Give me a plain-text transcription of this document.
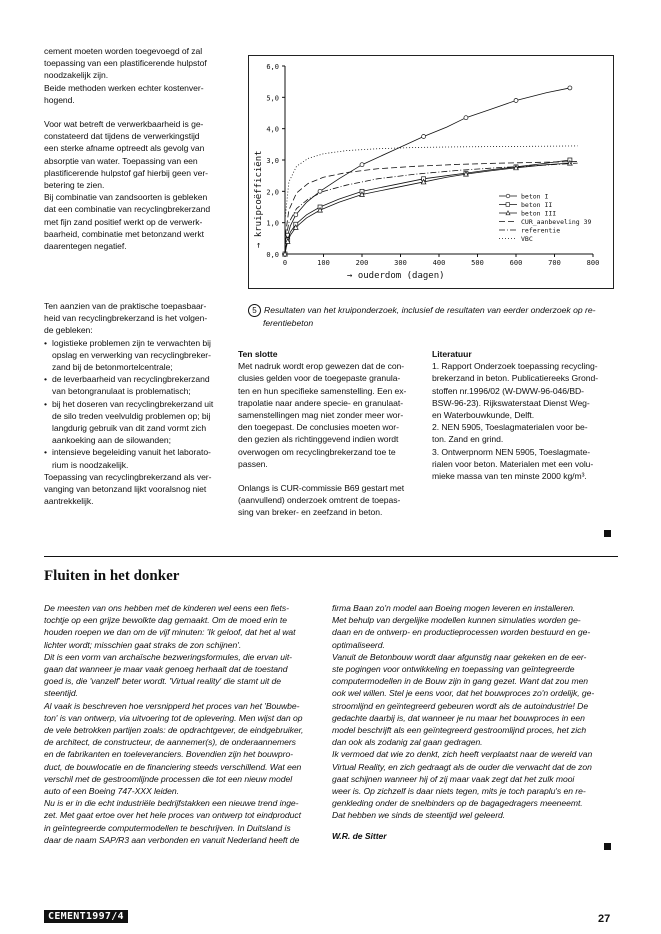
cement moeten worden toegevoegd of zal

toepassing van een plastificerende hulpstof

noodzakelijk zijn.

Beide methoden werken echter kostenver-

hogend.

Voor wat betreft de verwerkbaarheid is ge-

constateerd dat tijdens de verwerkingstijd

een sterke afname optreedt als gevolg van

absorptie van water. Toepassing van een

plastificerende hulpstof gaf hierbij geen ver-

betering te zien.

Bij combinatie van zandsoorten is gebleken

dat een combinatie van recyclingbrekerzand

met fijn zand positief werkt op de verwerk-

baarheid, combinatie met betonzand werkt

daarentegen negatief.

0,0
1,0
2,0
3,0
4,0
5,0
6,0
0	100	200	300	400	500	600	700	800
→ ouderdom (dagen)
→ kruipcoëfficiënt	beton I
beton II
beton III
CUR_aanbeveling 39
referentie
VBC
5 Resultaten van het kruiponderzoek, inclusief de resultaten van eerder onderzoek op re-
ferentiebeton

Ten aanzien van de praktische toepasbaar-

heid van recyclingbrekerzand is het volgen-

de gebleken:

• logistieke problemen zijn te verwachten bij
opslag en verwerking van recyclingbreker-
zand bij de betonmortelcentrale;
• de leverbaarheid van recyclingbrekerzand
van betongranulaat is problematisch;
• bij het doseren van recyclingbrekerzand uit
de silo treden veelvuldig problemen op; bij
langdurig gebruik van dit zand vormt zich
aankoeking aan de silowanden;
• intensieve begeleiding vanuit het laborato-
rium is noodzakelijk.

Toepassing van recyclingbrekerzand als ver-

vanging van betonzand lijkt vooralsnog niet

aantrekkelijk.

Ten slotte

Met nadruk wordt erop gewezen dat de con-

clusies gelden voor de toegepaste granula-

ten en hun specifieke samenstelling. Een ex-

trapolatie naar andere specie- en granulaat-

samenstellingen mag niet zonder meer wor-

den toegepast. De conclusies moeten wor-

den gezien als richtinggevend indien wordt

overwogen om recyclingbrekerzand toe te

passen.

Onlangs is CUR-commissie B69 gestart met

(aanvullend) onderzoek omtrent de toepas-

sing van breker- en zeefzand in beton.

Literatuur

1. Rapport Onderzoek toepassing recycling-

brekerzand in beton. Publicatiereeks Grond-

stoffen nr.1996/02 (W-DWW-96-046/BD-

BSW-96-23). Rijkswaterstaat Dienst Weg-

en Waterbouwkunde, Delft.

2. NEN 5905, Toeslagmaterialen voor be-

ton. Zand en grind.

3. Ontwerpnorm NEN 5905, Toeslagmate-

rialen voor beton. Materialen met een volu-

mieke massa van ten minste 2000 kg/m³.

Fluiten in het donker

De meesten van ons hebben met de kinderen wel eens een fiets-

tochtje op een grijze bewolkte dag gemaakt. Om de moed erin te

houden roepen we dan om de vijf minuten: 'Ik geloof, dat het al wat

lichter wordt; misschien gaat straks de zon schijnen'.

Dit is een vorm van archaïsche bezweringsformules, die ervan uit-

gaan dat wanneer je maar vaak genoeg herhaalt dat de toestand

goed is, die 'vanzelf' beter wordt. 'Virtual reality' die stamt uit de

steentijd.

Al vaak is beschreven hoe versnipperd het proces van het 'Bouwbe-

ton' is van ontwerp, via uitvoering tot de oplevering. Men wijst dan op

de vele betrokken partijen zoals: de opdrachtgever, de eindgebruiker,

de architect, de constructeur, de aannemer(s), de onderaannemers

en de fabrikanten en toeleveranciers. Bovendien zijn het bouwpro-

duct, de bouwlocatie en de financiering steeds verschillend. Wat een

verschil met de gestroomlijnde processen die tot een nieuw model

auto of een Boeing 747-XXX leiden.

Nu is er in die echt industriële bedrijfstakken een nieuwe trend inge-

zet. Met gaat ertoe over het hele proces van ontwerp tot eindproduct

in geïntegreerde computermodellen te beschrijven. In Duitsland is

daar de naam SAP/R3 aan verbonden en vanuit Nederland heeft de

firma Baan zo'n model aan Boeing mogen leveren en installeren.

Met behulp van dergelijke modellen kunnen simulaties worden ge-

daan en de ontwerp- en productieprocessen worden bestuurd en ge-

optimaliseerd.

Vanuit de Betonbouw wordt daar afgunstig naar gekeken en de eer-

ste pogingen voor ontwikkeling en toepassing van geïntegreerde

computermodellen in de Bouw zijn in gang gezet. Want dat zou men

ook wel willen. Stel je eens voor, dat het bouwproces zo'n ordelijk, ge-

stroomlijnd en geïntegreerd gebeuren wordt als de autoindustrie! De

gedachte daarbij is, dat wanneer je nu maar het bouwproces in een

model beschrijft als een geïntegreerd gestroomlijnd proces, het zich

dan ook als zodanig zal gaan gedragen.

Ik vermoed dat wie zo denkt, zich heeft verplaatst naar de wereld van

Virtual Reality, en zich gedraagt als de ouder die verwacht dat de zon

gaat schijnen wanneer hij of zij maar vaak zegt dat het zulk mooi

weer is. Op zichzelf is daar niets tegen, mits je toch paraplu's en re-

genkleding onder de snelbinders op de bagagedragers meeneemt.

Dat hebben we sinds de steentijd wel geleerd.

W.R. de Sitter

CEMENT1997/4	27
